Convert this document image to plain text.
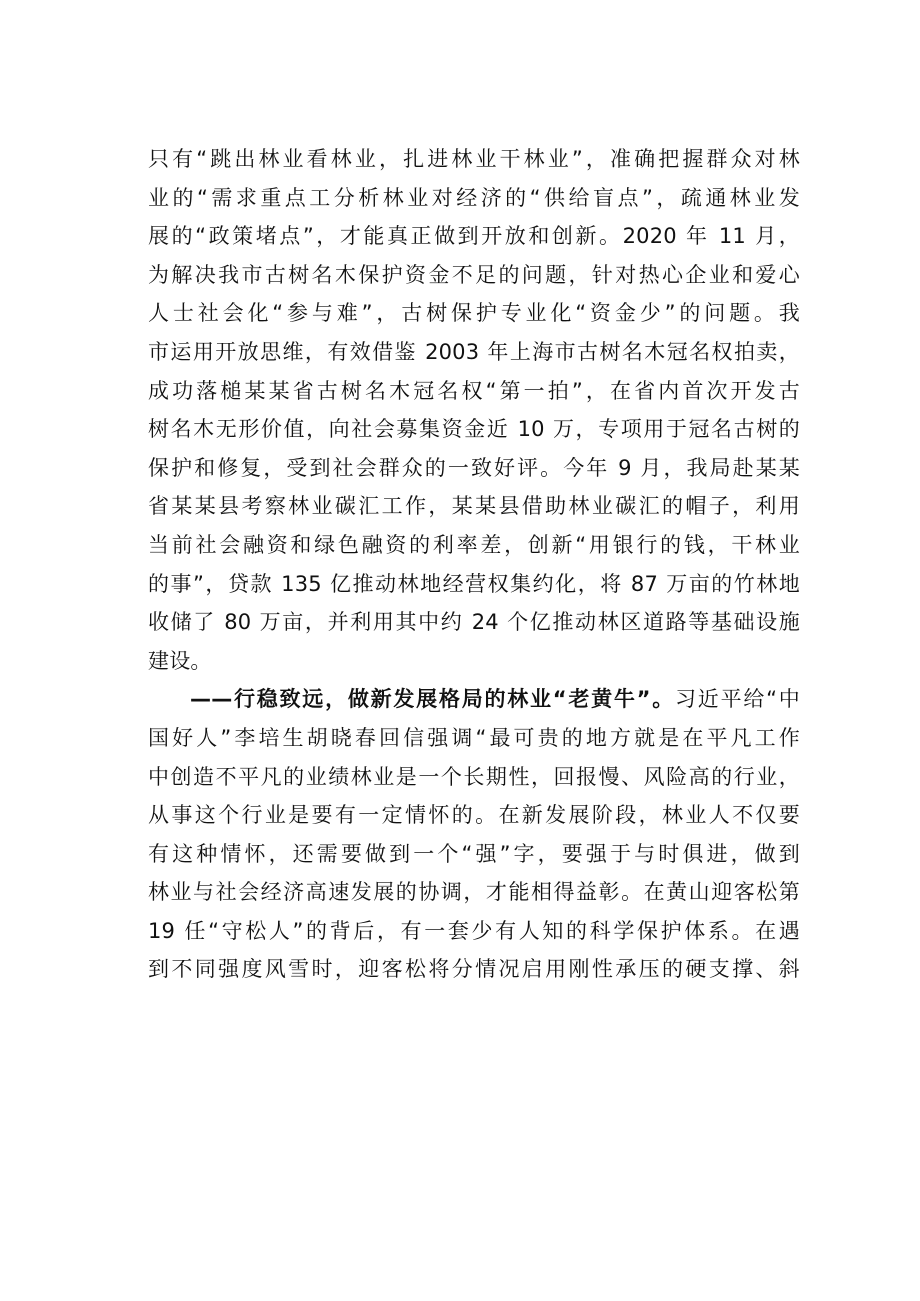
只有“跳出林业看林业，扎进林业干林业”，准确把握群众对林
业的“需求重点工分析林业对经济的“供给盲点”，疏通林业发
展的“政策堵点”，才能真正做到开放和创新。2020 年 11 月，
为解决我市古树名木保护资金不足的问题，针对热心企业和爱心
人士社会化“参与难”，古树保护专业化“资金少”的问题。我
市运用开放思维，有效借鉴 2003 年上海市古树名木冠名权拍卖，
成功落槌某某省古树名木冠名权“第一拍”，在省内首次开发古
树名木无形价值，向社会募集资金近 10 万，专项用于冠名古树的
保护和修复，受到社会群众的一致好评。今年 9 月，我局赴某某
省某某县考察林业碳汇工作，某某县借助林业碳汇的帽子，利用
当前社会融资和绿色融资的利率差，创新“用银行的钱，干林业
的事”，贷款 135 亿推动林地经营权集约化，将 87 万亩的竹林地
收储了 80 万亩，并利用其中约 24 个亿推动林区道路等基础设施
建设。
——行稳致远，做新发展格局的林业“老黄牛”。习近平给“中
国好人”李培生胡晓春回信强调“最可贵的地方就是在平凡工作
中创造不平凡的业绩林业是一个长期性，回报慢、风险高的行业，
从事这个行业是要有一定情怀的。在新发展阶段，林业人不仅要
有这种情怀，还需要做到一个“强”字，要强于与时俱进，做到
林业与社会经济高速发展的协调，才能相得益彰。在黄山迎客松第
19 任“守松人”的背后，有一套少有人知的科学保护体系。在遇
到不同强度风雪时，迎客松将分情况启用刚性承压的硬支撑、斜
